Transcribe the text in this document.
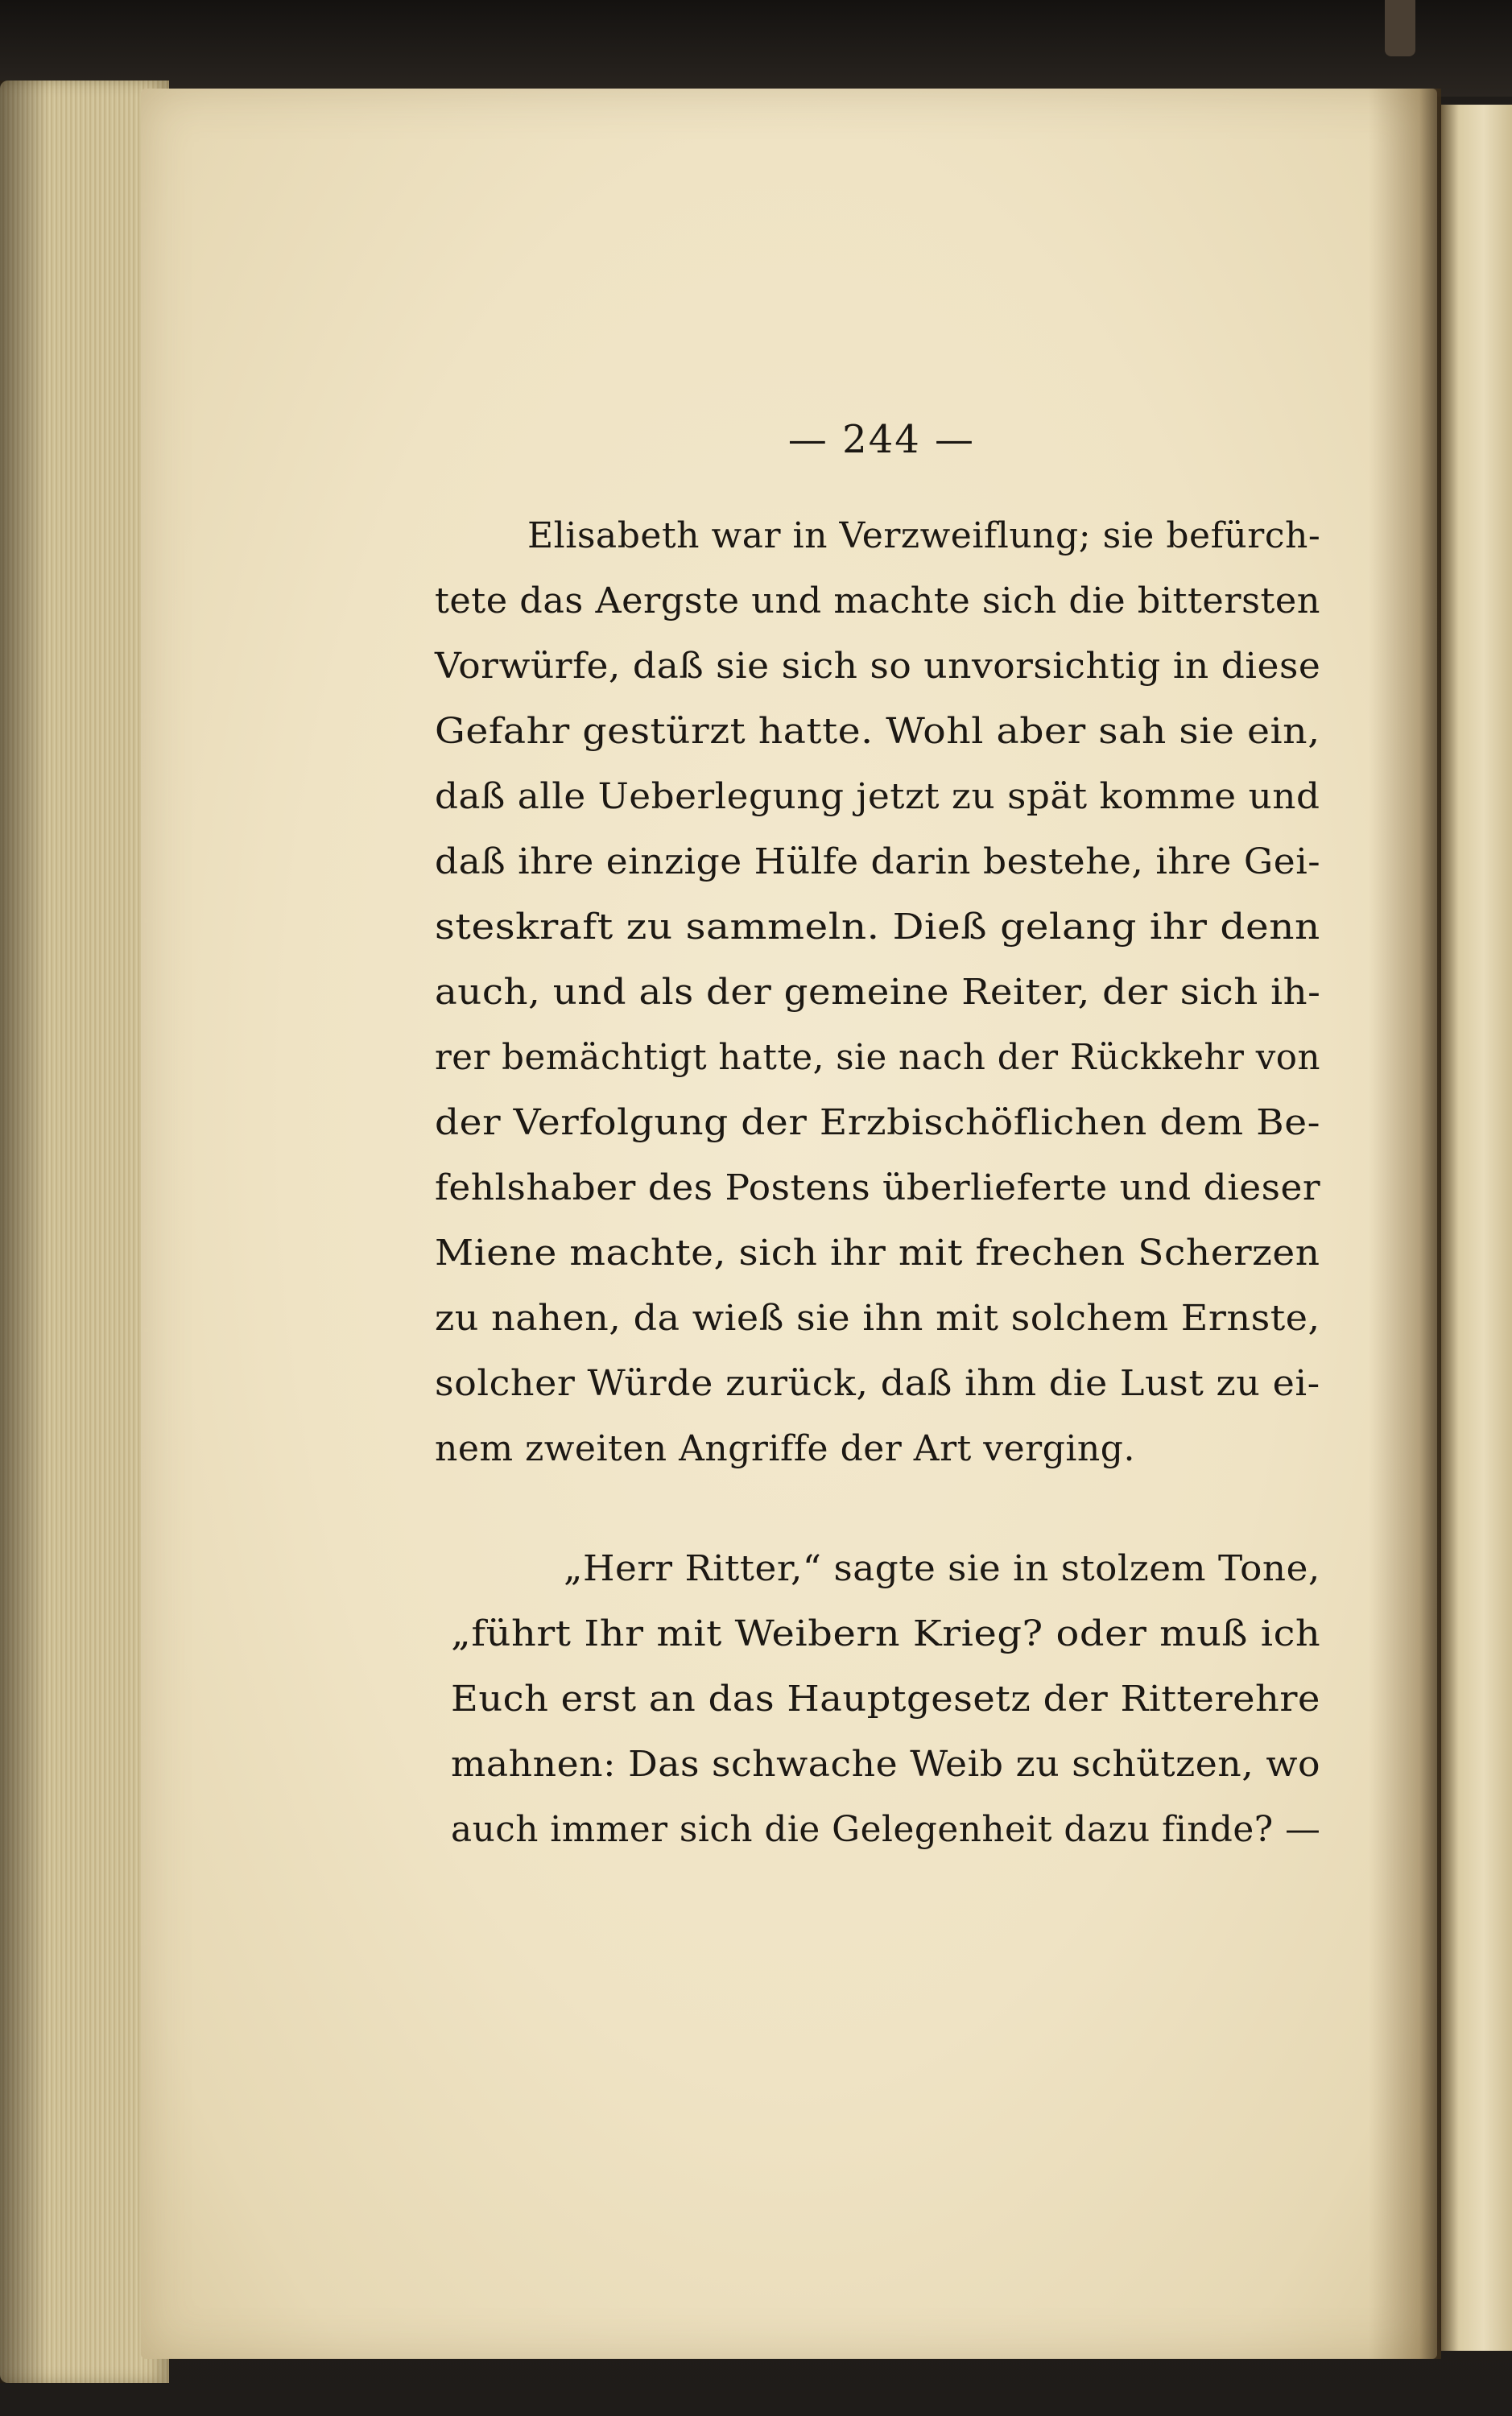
— 244 —
Elisabeth war in Verzweiflung; sie befürch-
tete das Aergste und machte sich die bittersten
Vorwürfe, daß sie sich so unvorsichtig in diese
Gefahr gestürzt hatte. Wohl aber sah sie ein,
daß alle Ueberlegung jetzt zu spät komme und
daß ihre einzige Hülfe darin bestehe, ihre Gei-
steskraft zu sammeln. Dieß gelang ihr denn
auch, und als der gemeine Reiter, der sich ih-
rer bemächtigt hatte, sie nach der Rückkehr von
der Verfolgung der Erzbischöflichen dem Be-
fehlshaber des Postens überlieferte und dieser
Miene machte, sich ihr mit frechen Scherzen
zu nahen, da wieß sie ihn mit solchem Ernste,
solcher Würde zurück, daß ihm die Lust zu ei-
nem zweiten Angriffe der Art verging.
„Herr Ritter,“ sagte sie in stolzem Tone,
„führt Ihr mit Weibern Krieg? oder muß ich
Euch erst an das Hauptgesetz der Ritterehre
mahnen: Das schwache Weib zu schützen, wo
auch immer sich die Gelegenheit dazu finde? —
